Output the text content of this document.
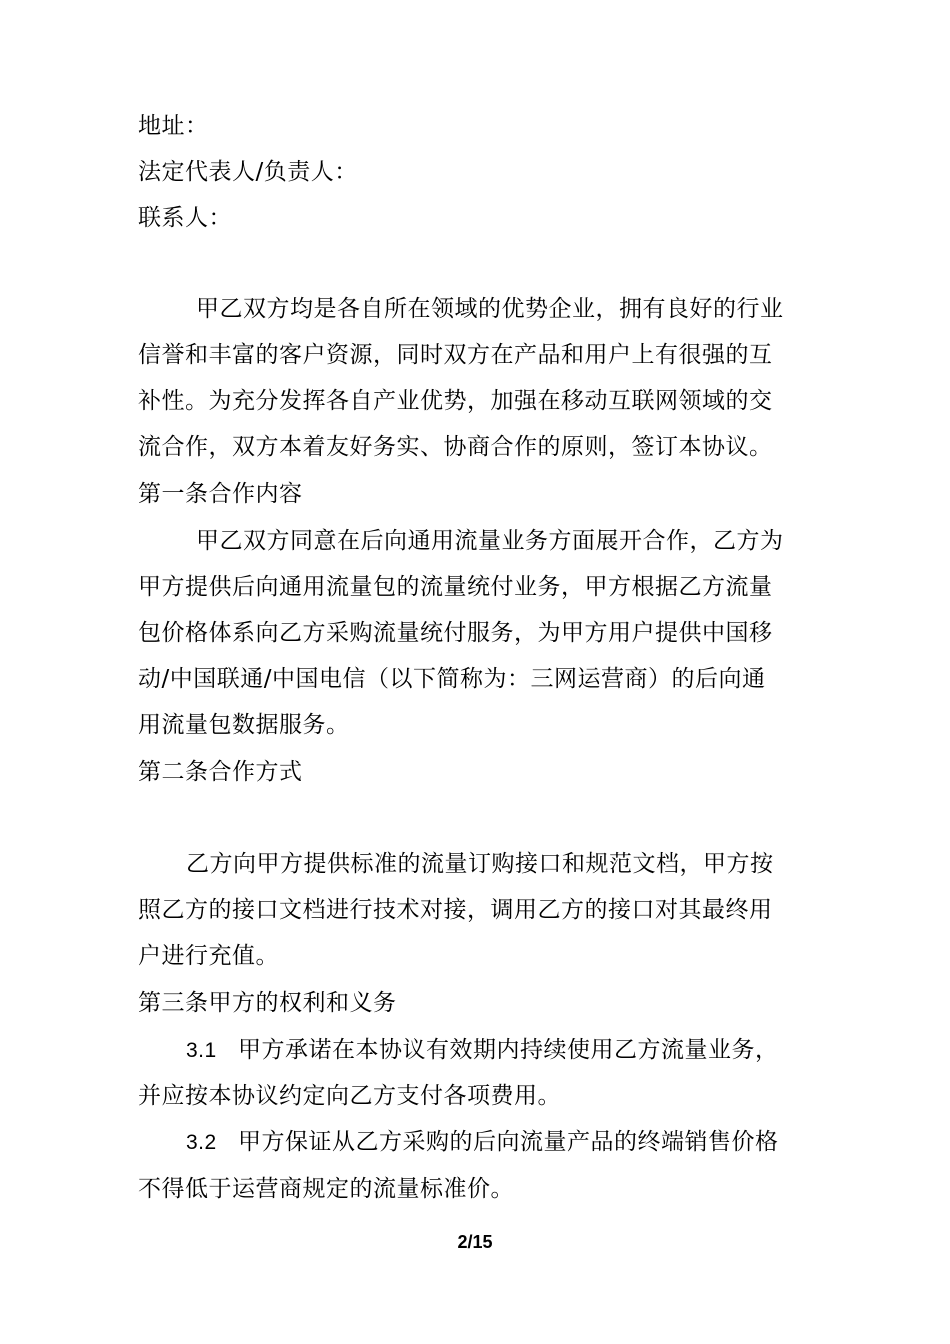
地址：
法定代表人/负责人：
联系人：
甲乙双方均是各自所在领域的优势企业，拥有良好的行业
信誉和丰富的客户资源，同时双方在产品和用户上有很强的互
补性。为充分发挥各自产业优势，加强在移动互联网领域的交
流合作，双方本着友好务实、协商合作的原则，签订本协议。
第一条合作内容
甲乙双方同意在后向通用流量业务方面展开合作，乙方为
甲方提供后向通用流量包的流量统付业务，甲方根据乙方流量
包价格体系向乙方采购流量统付服务，为甲方用户提供中国移
动/中国联通/中国电信（以下简称为：三网运营商）的后向通
用流量包数据服务。
第二条合作方式
乙方向甲方提供标准的流量订购接口和规范文档，甲方按
照乙方的接口文档进行技术对接，调用乙方的接口对其最终用
户进行充值。
第三条甲方的权利和义务
3.1 甲方承诺在本协议有效期内持续使用乙方流量业务，
并应按本协议约定向乙方支付各项费用。
3.2 甲方保证从乙方采购的后向流量产品的终端销售价格
不得低于运营商规定的流量标准价。
2/15
